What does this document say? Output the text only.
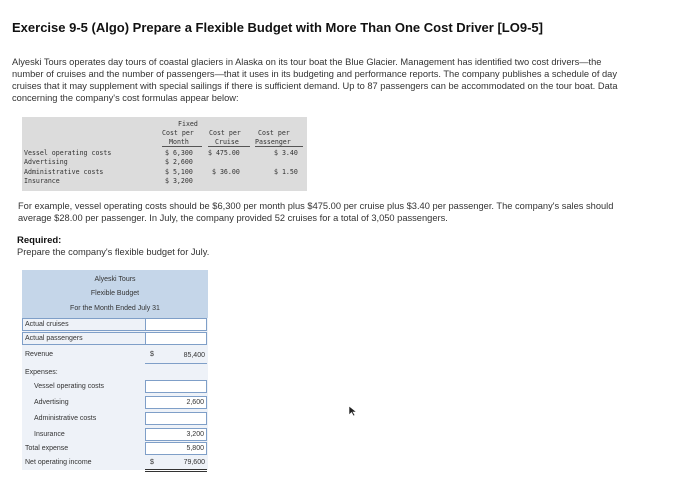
Exercise 9-5 (Algo) Prepare a Flexible Budget with More Than One Cost Driver [LO9-5]
Alyeski Tours operates day tours of coastal glaciers in Alaska on its tour boat the Blue Glacier. Management has identified two cost drivers—the number of cruises and the number of passengers—that it uses in its budgeting and performance reports. The company publishes a schedule of day cruises that it may supplement with special sailings if there is sufficient demand. Up to 87 passengers can be accommodated on the tour boat. Data concerning the company's cost formulas appear below:
Fixed
Cost per
Month
Cost per
Cruise
Cost per
Passenger
Vessel operating costs	$ 6,300 $ 475.00	$ 3.40
Advertising	$ 2,600
Administrative costs	$ 5,100	$ 36.00	$ 1.50
Insurance	$ 3,200
For example, vessel operating costs should be $6,300 per month plus $475.00 per cruise plus $3.40 per passenger. The company's sales should average $28.00 per passenger. In July, the company provided 52 cruises for a total of 3,050 passengers.
Required:
Prepare the company's flexible budget for July.
Alyeski Tours
Flexible Budget
For the Month Ended July 31
Actual cruises
Actual passengers
Revenue	$	85,400
Expenses:
Vessel operating costs
Advertising	2,600
Administrative costs
Insurance	3,200
Total expense	5,800
Net operating income	$	79,600
